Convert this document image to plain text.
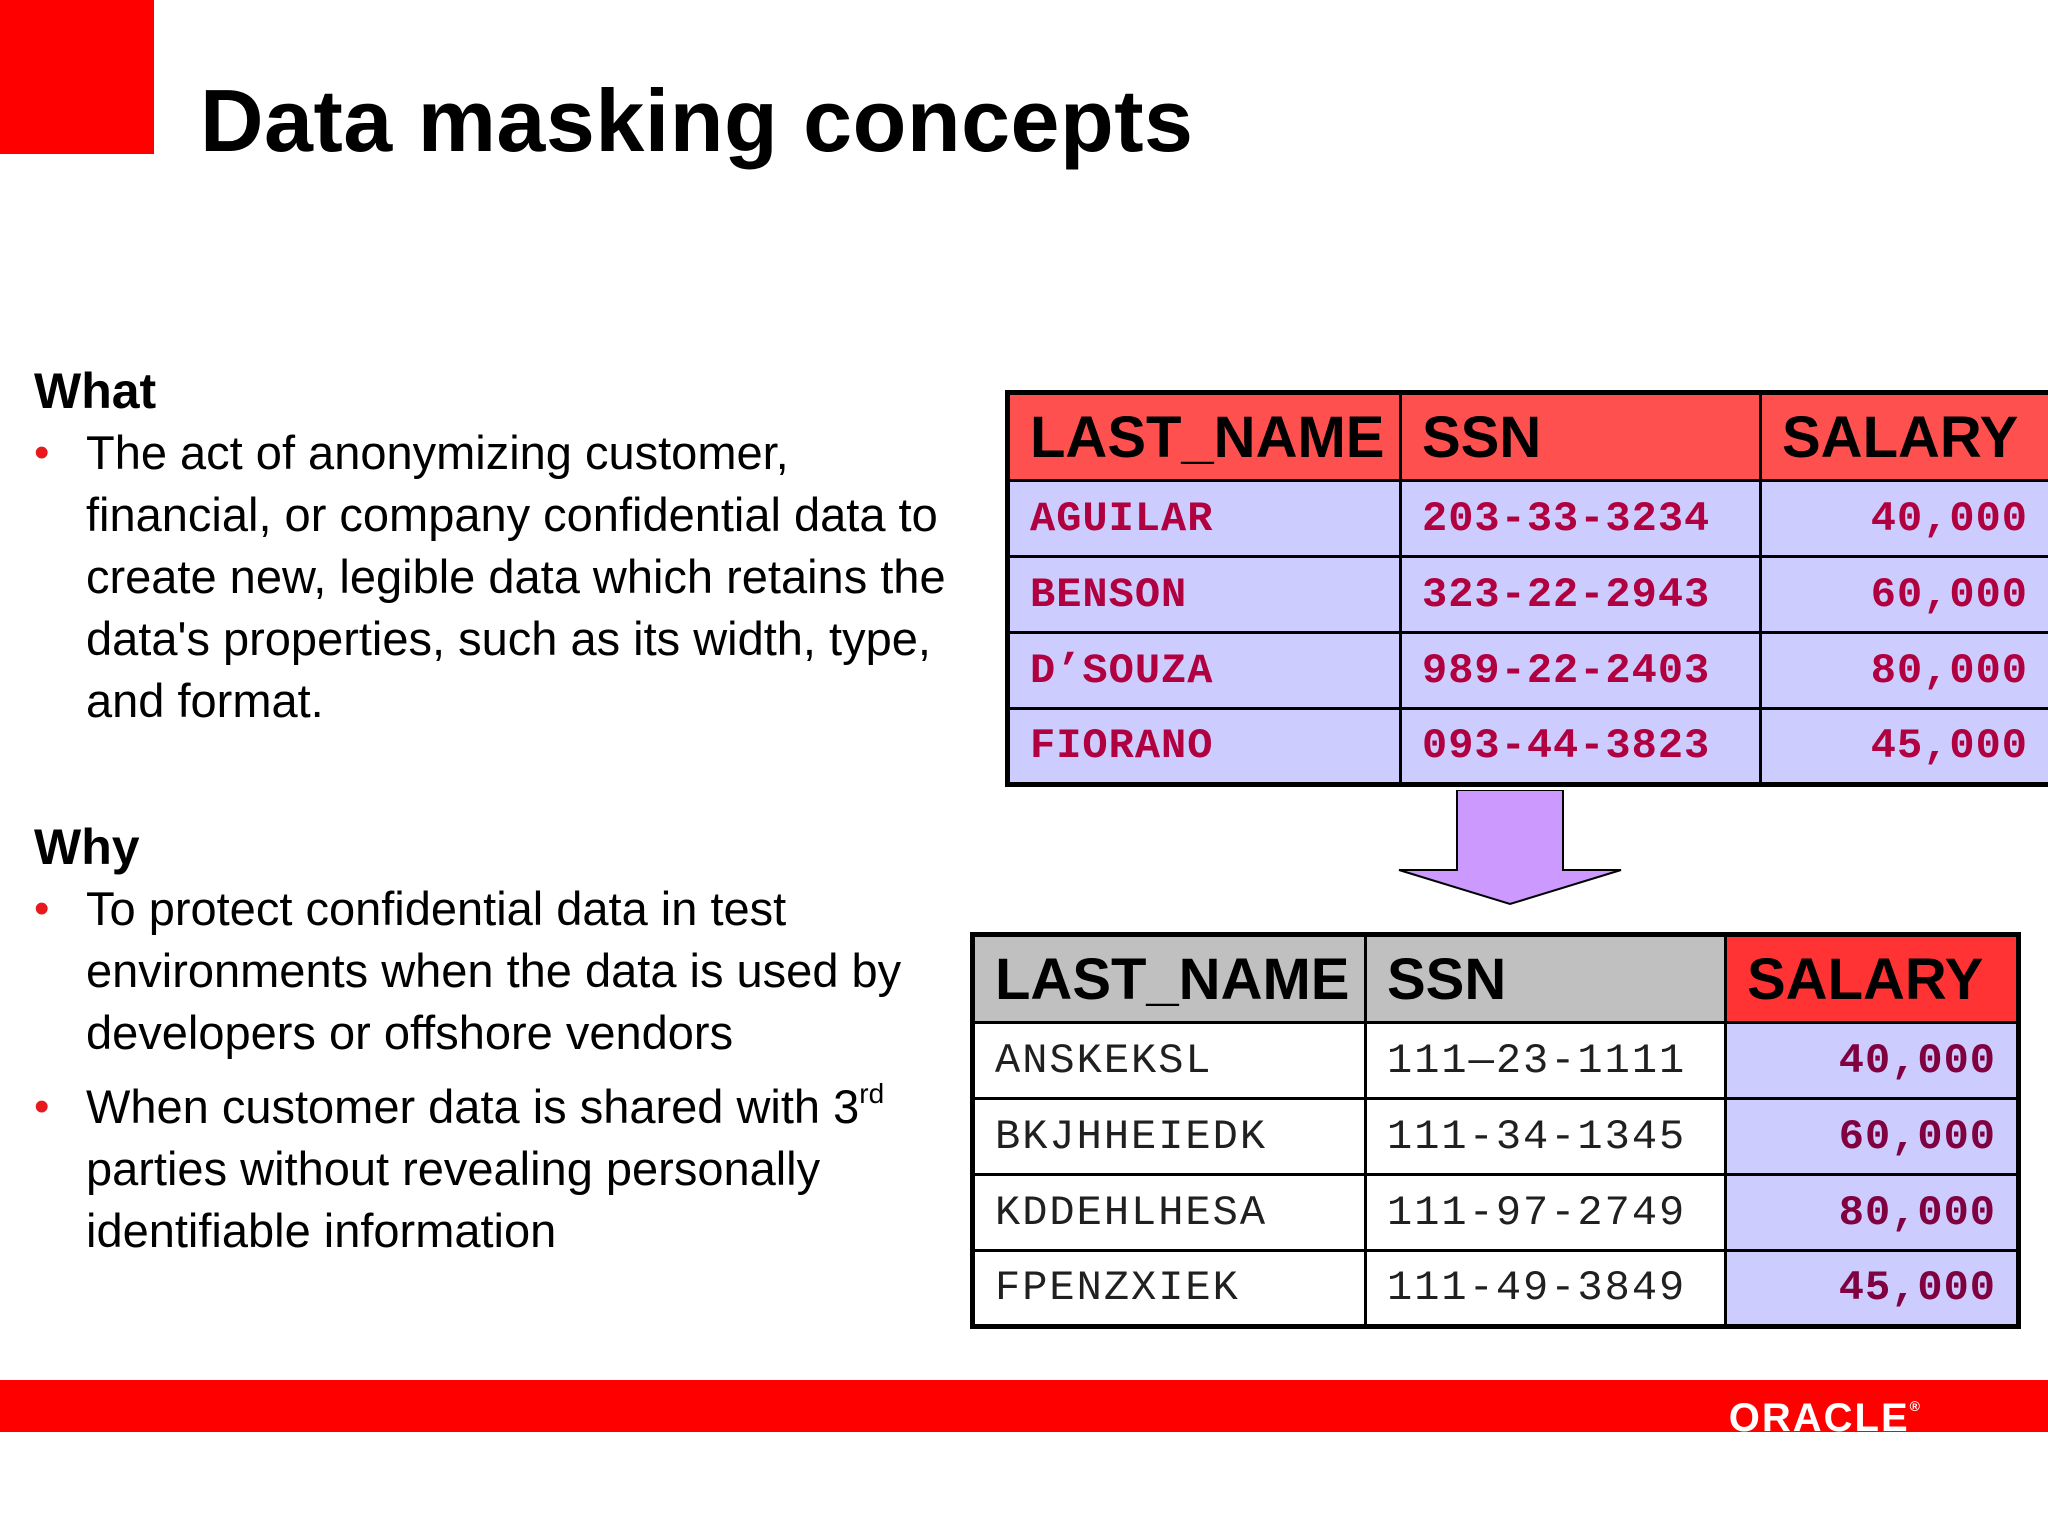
Data masking concepts
What
• The act of anonymizing customer, financial, or company confidential data to create new, legible data which retains the data's properties, such as its width, type, and format.
Why
• To protect confidential data in test environments when the data is used by developers or offshore vendors
• When customer data is shared with 3rd parties without revealing personally identifiable information
LAST_NAME	SSN	SALARY
AGUILAR	203-33-3234	40,000
BENSON	323-22-2943	60,000
D’SOUZA	989-22-2403	80,000
FIORANO	093-44-3823	45,000
LAST_NAME	SSN	SALARY
ANSKEKSL	111—23-1111	40,000
BKJHHEIEDK	111-34-1345	60,000
KDDEHLHESA	111-97-2749	80,000
FPENZXIEK	111-49-3849	45,000
ORACLE®
